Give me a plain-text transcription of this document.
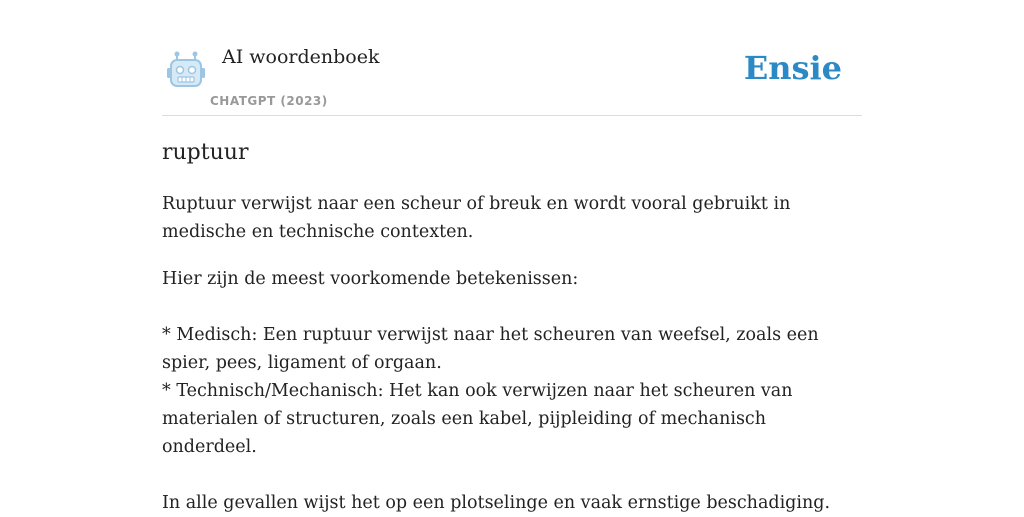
AI woordenboek
CHATGPT (2023)
Ensie
ruptuur

Ruptuur verwijst naar een scheur of breuk en wordt vooral gebruikt in medische en technische contexten.

Hier zijn de meest voorkomende betekenissen:

* Medisch: Een ruptuur verwijst naar het scheuren van weefsel, zoals een spier, pees, ligament of orgaan.

* Technisch/Mechanisch: Het kan ook verwijzen naar het scheuren van materialen of structuren, zoals een kabel, pijpleiding of mechanisch onderdeel.

In alle gevallen wijst het op een plotselinge en vaak ernstige beschadiging.
